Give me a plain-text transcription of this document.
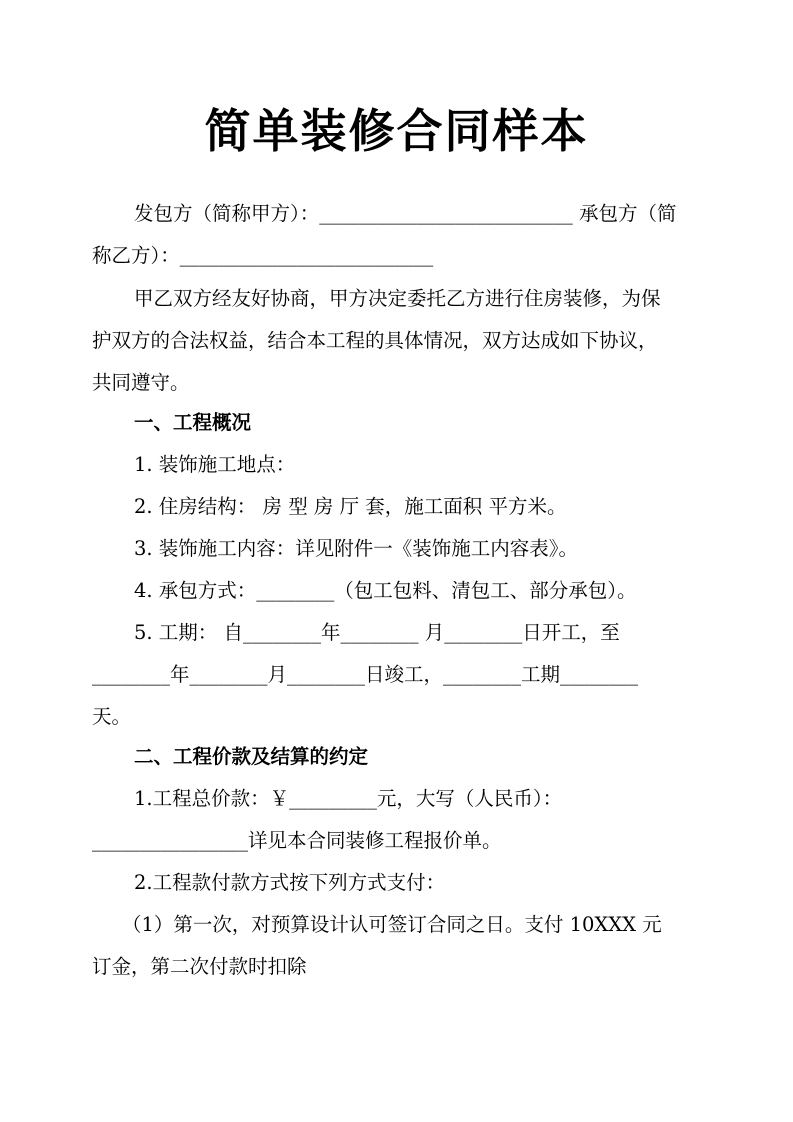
简单装修合同样本
发包方（简称甲方）：__________________________ 承包方（简
称乙方）：__________________________
甲乙双方经友好协商，甲方决定委托乙方进行住房装修，为保
护双方的合法权益，结合本工程的具体情况，双方达成如下协议，
共同遵守。
一、工程概况
1. 装饰施工地点：
2. 住房结构： 房 型 房 厅 套，施工面积 平方米。
3. 装饰施工内容：详见附件一《装饰施工内容表》。
4. 承包方式：________（包工包料、清包工、部分承包）。
5. 工期： 自________年________ 月________日开工，至
________年________月________日竣工，________工期________
天。
二、工程价款及结算的约定
1.工程总价款：￥_________元，大写（人民币）：
________________详见本合同装修工程报价单。
2.工程款付款方式按下列方式支付：
（1）第一次，对预算设计认可签订合同之日。支付 10XXX 元
订金，第二次付款时扣除
